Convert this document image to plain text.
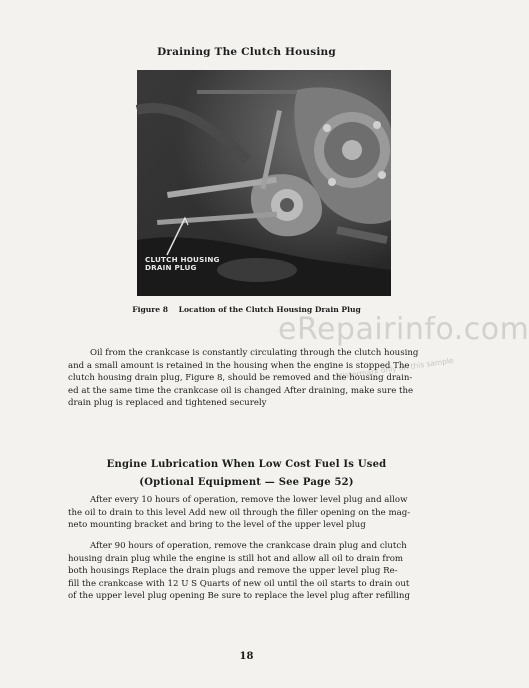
Draining The Clutch Housing
CLUTCH HOUSING
DRAIN PLUG
Figure 8    Location of the Clutch Housing Drain Plug
eRepairinfo.com
Watermark only on this sample
Oil from the crankcase is constantly circulating through the clutch housing
and a small amount is retained in the housing when the engine is stopped The
clutch housing drain plug, Figure 8, should be removed and the housing drain-
ed at the same time the crankcase oil is changed After draining, make sure the
drain plug is replaced and tightened securely
Engine Lubrication When Low Cost Fuel Is Used
(Optional Equipment — See Page 52)
After every 10 hours of operation, remove the lower level plug and allow
the oil to drain to this level Add new oil through the filler opening on the mag-
neto mounting bracket and bring to the level of the upper level plug
After 90 hours of operation, remove the crankcase drain plug and clutch
housing drain plug while the engine is still hot and allow all oil to drain from
both housings Replace the drain plugs and remove the upper level plug Re-
fill the crankcase with 12 U S Quarts of new oil until the oil starts to drain out
of the upper level plug opening Be sure to replace the level plug after refilling
18
